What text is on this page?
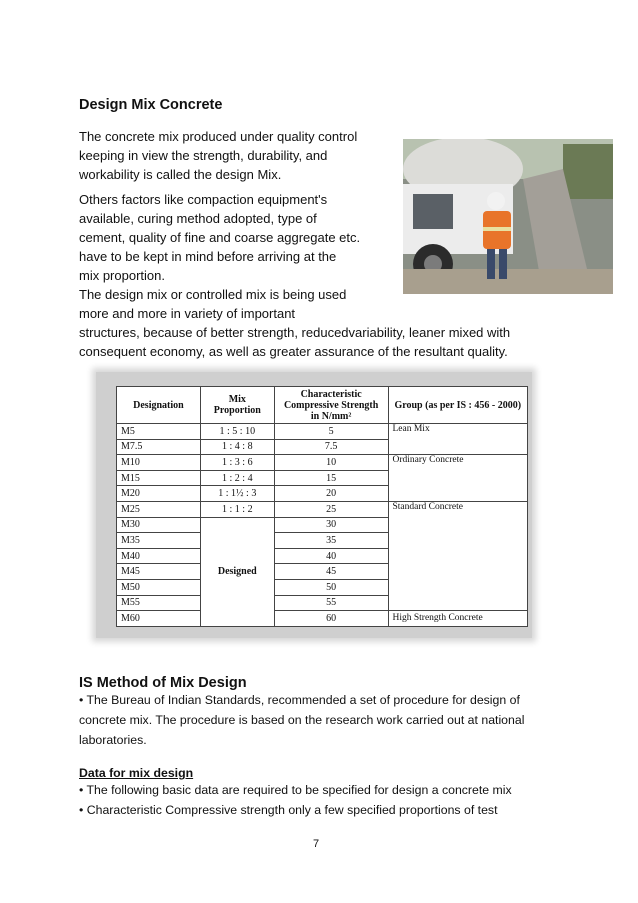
Design Mix Concrete
The concrete mix produced under quality control
keeping in view the strength, durability, and
workability is called the design Mix.
Others factors like compaction equipment's
available, curing method adopted, type of
cement, quality of fine and coarse aggregate etc.
have to be kept in mind before arriving at the
mix proportion.
The design mix or controlled mix is being used
more and more in variety of important
structures, because of better strength, reducedvariability, leaner mixed with
consequent economy, as well as greater assurance of the resultant quality.
Designation	Mix Proportion	Characteristic Compressive Strength in N/mm²	Group (as per IS : 456 - 2000)
M5	1 : 5 : 10	5	Lean Mix
M7.5	1 : 4 : 8	7.5	
M10	1 : 3 : 6	10	Ordinary Concrete
M15	1 : 2 : 4	15	
M20	1 : 1½ : 3	20	
M25	1 : 1 : 2	25	Standard Concrete
M30	Designed	30	
M35		35	
M40		40	
M45		45	
M50		50	
M55		55	
M60		60	High Strength Concrete
IS Method of Mix Design
• The Bureau of Indian Standards, recommended a set of procedure for design of
concrete mix. The procedure is based on the research work carried out at national
laboratories.
Data for mix design
• The following basic data are required to be specified for design a concrete mix
• Characteristic Compressive strength only a few specified proportions of test
7
